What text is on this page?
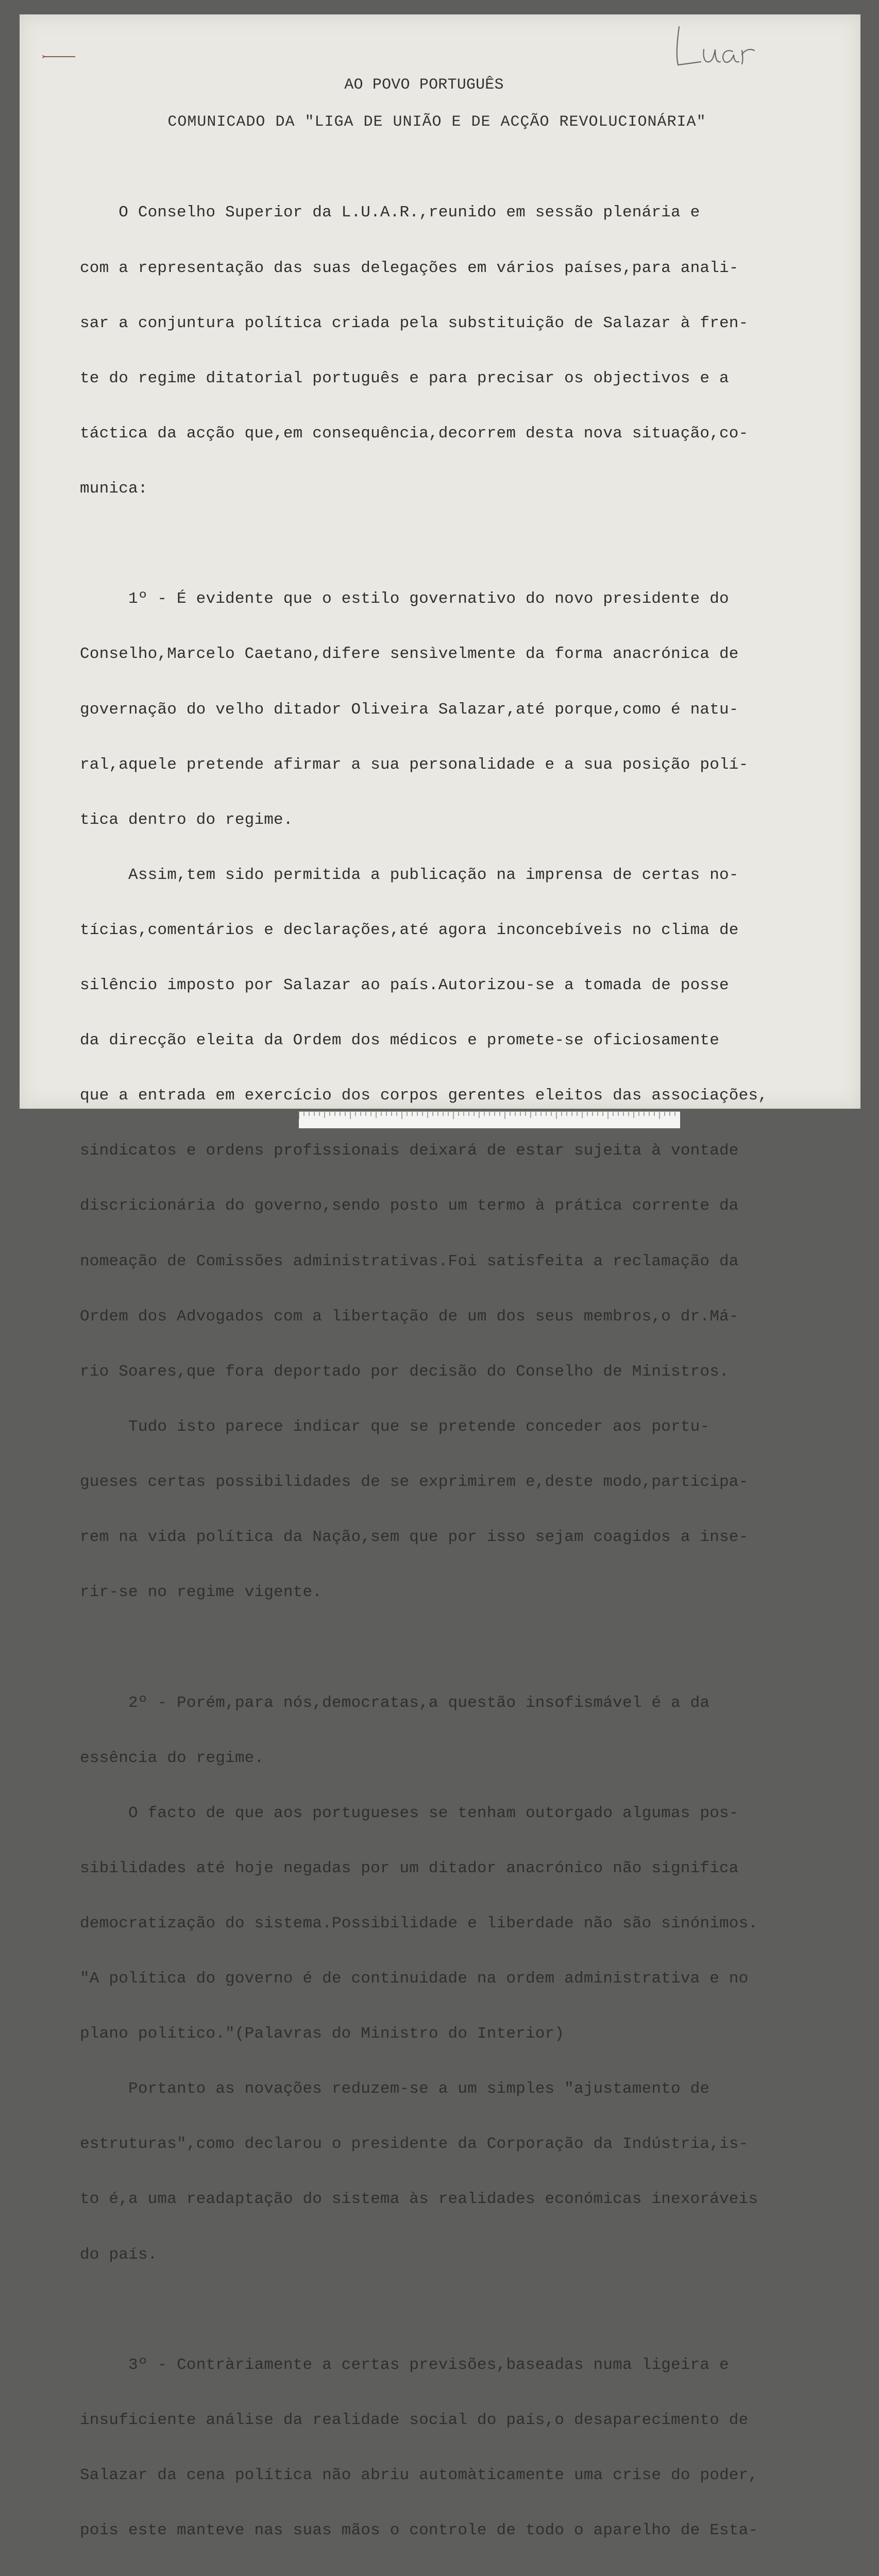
AO POVO PORTUGUÊS
COMUNICADO DA "LIGA DE UNIÃO E DE ACÇÃO REVOLUCIONÁRIA"

O Conselho Superior da L.U.A.R.,reunido em sessão plenária e

com a representação das suas delegações em vários países,para anali-

sar a conjuntura política criada pela substituição de Salazar à fren-

te do regime ditatorial português e para precisar os objectivos e a

táctica da acção que,em consequência,decorrem desta nova situação,co-

munica:

1º - É evidente que o estilo governativo do novo presidente do

Conselho,Marcelo Caetano,difere sensìvelmente da forma anacrónica de

governação do velho ditador Oliveira Salazar,até porque,como é natu-

ral,aquele pretende afirmar a sua personalidade e a sua posição polí-

tica dentro do regime.

Assim,tem sido permitida a publicação na imprensa de certas no-

tícias,comentários e declarações,até agora inconcebíveis no clima de

silêncio imposto por Salazar ao país.Autorizou-se a tomada de posse

da direcção eleita da Ordem dos médicos e promete-se oficiosamente

que a entrada em exercício dos corpos gerentes eleitos das associações,

sindicatos e ordens profissionais deixará de estar sujeita à vontade

discricionária do governo,sendo posto um termo à prática corrente da

nomeação de Comissões administrativas.Foi satisfeita a reclamação da

Ordem dos Advogados com a libertação de um dos seus membros,o dr.Má-

rio Soares,que fora deportado por decisão do Conselho de Ministros.

Tudo isto parece indicar que se pretende conceder aos portu-

gueses certas possibilidades de se exprimirem e,deste modo,participa-

rem na vida política da Nação,sem que por isso sejam coagidos a inse-

rir-se no regime vigente.

2º - Porém,para nós,democratas,a questão insofismável é a da

essência do regime.

O facto de que aos portugueses se tenham outorgado algumas pos-

sibilidades até hoje negadas por um ditador anacrónico não significa

democratização do sistema.Possibilidade e liberdade não são sinónimos.

"A política do governo é de continuidade na ordem administrativa e no

plano político."(Palavras do Ministro do Interior)

Portanto as novações reduzem-se a um simples "ajustamento de

estruturas",como declarou o presidente da Corporação da Indústria,is-

to é,a uma readaptação do sistema às realidades económicas inexoráveis

do país.

3º - Contràriamente a certas previsões,baseadas numa ligeira e

insuficiente análise da realidade social do país,o desaparecimento de

Salazar da cena política não abriu automàticamente uma crise do poder,

pois este manteve nas suas mãos o controle de todo o aparelho de Esta-
